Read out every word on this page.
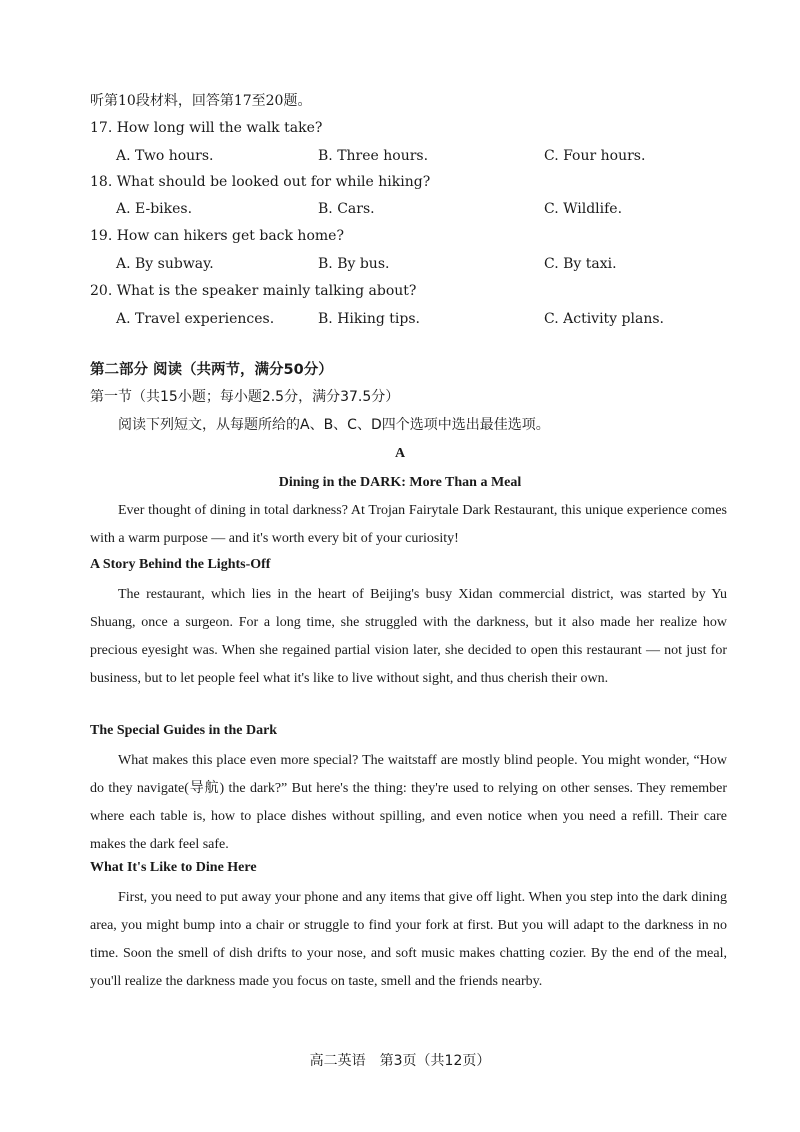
听第10段材料，回答第17至20题。
17. How long will the walk take?
A. Two hours.	B. Three hours.	C. Four hours.
18. What should be looked out for while hiking?
A. E-bikes.	B. Cars.	C. Wildlife.
19. How can hikers get back home?
A. By subway.	B. By bus.	C. By taxi.
20. What is the speaker mainly talking about?
A. Travel experiences.	B. Hiking tips.	C. Activity plans.
第二部分 阅读（共两节，满分50分）
第一节（共15小题；每小题2.5分，满分37.5分）
阅读下列短文，从每题所给的A、B、C、D四个选项中选出最佳选项。
A
Dining in the DARK: More Than a Meal
Ever thought of dining in total darkness? At Trojan Fairytale Dark Restaurant, this unique experience comes with a warm purpose — and it's worth every bit of your curiosity!
A Story Behind the Lights-Off
The restaurant, which lies in the heart of Beijing's busy Xidan commercial district, was started by Yu Shuang, once a surgeon. For a long time, she struggled with the darkness, but it also made her realize how precious eyesight was. When she regained partial vision later, she decided to open this restaurant — not just for business, but to let people feel what it's like to live without sight, and thus cherish their own.
The Special Guides in the Dark
What makes this place even more special? The waitstaff are mostly blind people. You might wonder, “How do they navigate(导航) the dark?” But here's the thing: they're used to relying on other senses. They remember where each table is, how to place dishes without spilling, and even notice when you need a refill. Their care makes the dark feel safe.
What It's Like to Dine Here
First, you need to put away your phone and any items that give off light. When you step into the dark dining area, you might bump into a chair or struggle to find your fork at first. But you will adapt to the darkness in no time. Soon the smell of dish drifts to your nose, and soft music makes chatting cozier. By the end of the meal, you'll realize the darkness made you focus on taste, smell and the friends nearby.
高二英语　第3页（共12页）
